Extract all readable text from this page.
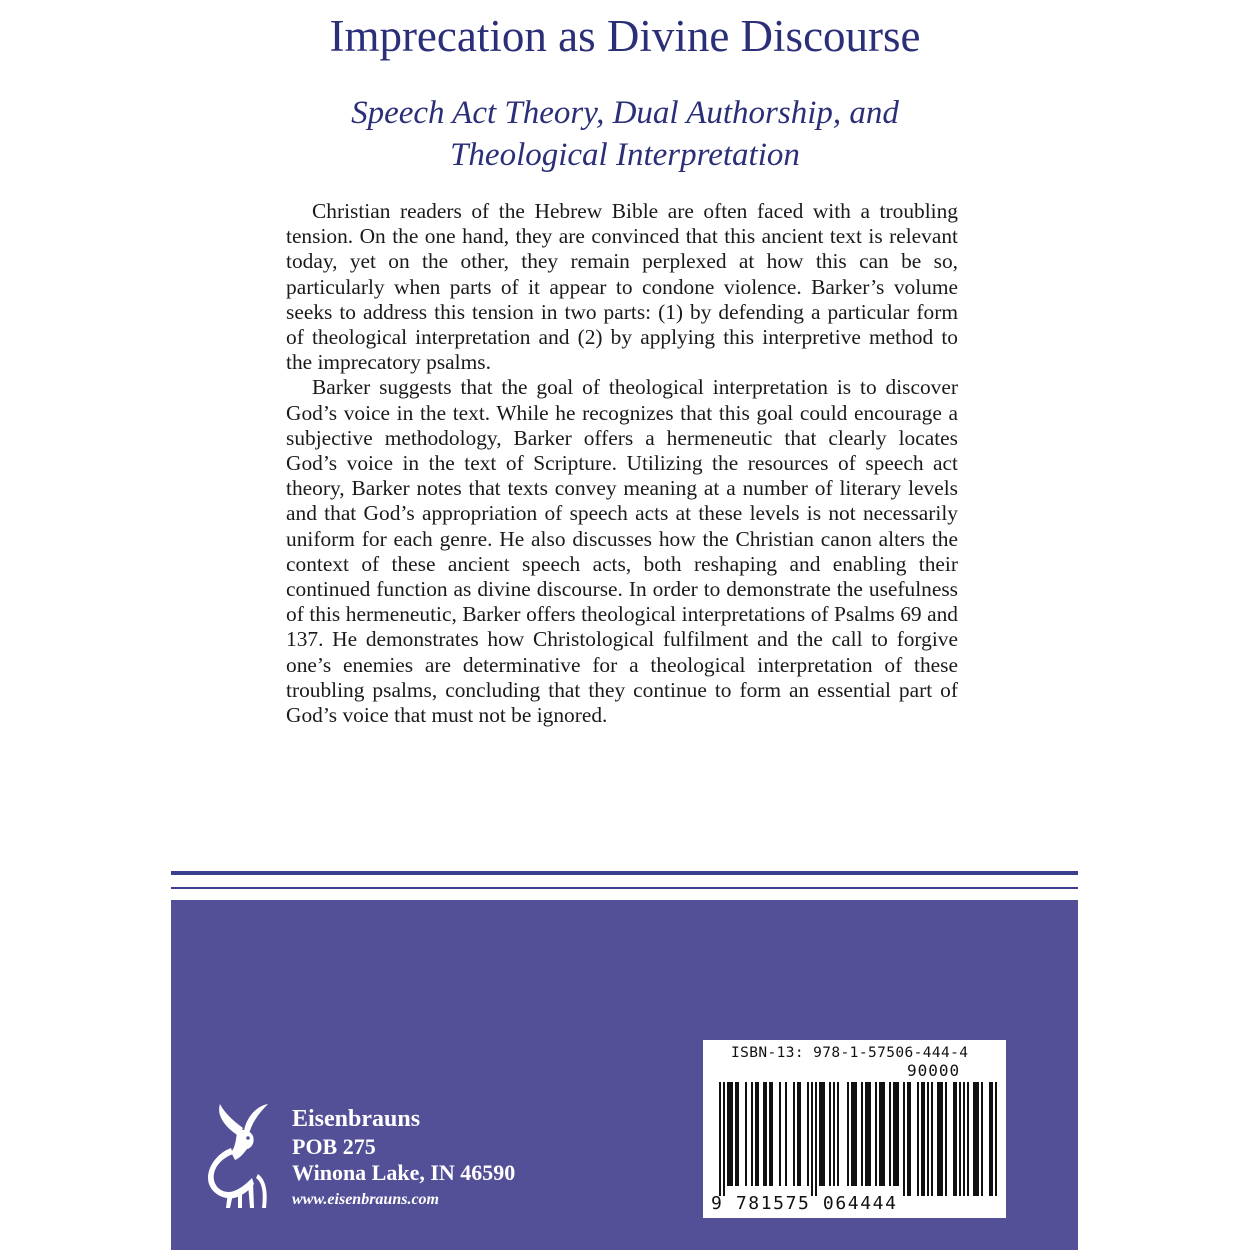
Imprecation as Divine Discourse
Speech Act Theory, Dual Authorship, and
Theological Interpretation

Christian readers of the Hebrew Bible are often faced with a troubling tension. On the one hand, they are convinced that this ancient text is relevant today, yet on the other, they remain perplexed at how this can be so, particularly when parts of it appear to condone violence. Barker’s volume seeks to address this tension in two parts: (1) by defending a particular form of theological interpretation and (2) by applying this interpretive method to the imprecatory psalms.

Barker suggests that the goal of theological interpretation is to discover God’s voice in the text. While he recognizes that this goal could encourage a subjective methodology, Barker offers a hermeneutic that clearly locates God’s voice in the text of Scripture. Utilizing the resources of speech act theory, Barker notes that texts convey meaning at a number of literary levels and that God’s appropriation of speech acts at these levels is not necessarily uniform for each genre. He also discusses how the Christian canon alters the context of these ancient speech acts, both reshaping and enabling their continued function as divine discourse. In order to demonstrate the usefulness of this hermeneutic, Barker offers theological interpretations of Psalms 69 and 137. He demonstrates how Christological fulfilment and the call to forgive one’s enemies are determinative for a theological interpretation of these troubling psalms, concluding that they continue to form an essential part of God’s voice that must not be ignored.

Eisenbrauns
POB 275
Winona Lake, IN 46590
www.eisenbrauns.com
ISBN-13: 978-1-57506-444-4
90000
9 781575 064444
